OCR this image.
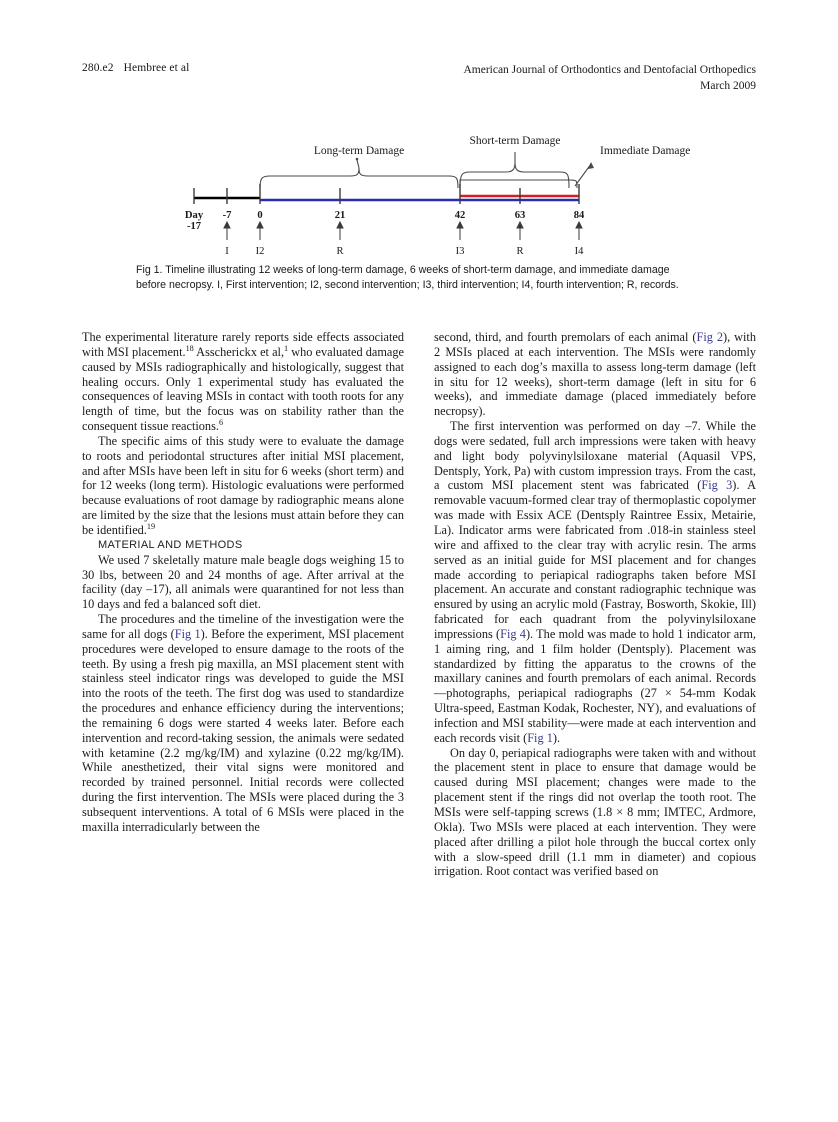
280.e2 Hembree et al	American Journal of Orthodontics and Dentofacial Orthopedics
March 2009
Long-term Damage
Short-term Damage
Immediate Damage
Day
-17
-7 0	21	42	63	84
I	I2	R	I3	R	I4
Fig 1. Timeline illustrating 12 weeks of long-term damage, 6 weeks of short-term damage, and immediate damage before necropsy. I, First intervention; I2, second intervention; I3, third intervention; I4, fourth intervention; R, records.

The experimental literature rarely reports side effects associated with MSI placement.$^{18}$ Asscherickx et al,$^1$ who evaluated damage caused by MSIs radiographically and histologically, suggest that healing occurs. Only 1 experimental study has evaluated the consequences of leaving MSIs in contact with tooth roots for any length of time, but the focus was on stability rather than the consequent tissue reactions.$^6$

The specific aims of this study were to evaluate the damage to roots and periodontal structures after initial MSI placement, and after MSIs have been left in situ for 6 weeks (short term) and for 12 weeks (long term). Histologic evaluations were performed because evaluations of root damage by radiographic means alone are limited by the size that the lesions must attain before they can be identified.$^{19}$

MATERIAL AND METHODS

We used 7 skeletally mature male beagle dogs weighing 15 to 30 lbs, between 20 and 24 months of age. After arrival at the facility (day –17), all animals were quarantined for not less than 10 days and fed a balanced soft diet.

The procedures and the timeline of the investigation were the same for all dogs (Fig 1). Before the experiment, MSI placement procedures were developed to ensure damage to the roots of the teeth. By using a fresh pig maxilla, an MSI placement stent with stainless steel indicator rings was developed to guide the MSI into the roots of the teeth. The first dog was used to standardize the procedures and enhance efficiency during the interventions; the remaining 6 dogs were started 4 weeks later. Before each intervention and record-taking session, the animals were sedated with ketamine (2.2 mg/kg/IM) and xylazine (0.22 mg/kg/IM). While anesthetized, their vital signs were monitored and recorded by trained personnel. Initial records were collected during the first intervention. The MSIs were placed during the 3 subsequent interventions. A total of 6 MSIs were placed in the maxilla interradicularly between the

second, third, and fourth premolars of each animal (Fig 2), with 2 MSIs placed at each intervention. The MSIs were randomly assigned to each dog’s maxilla to assess long-term damage (left in situ for 12 weeks), short-term damage (left in situ for 6 weeks), and immediate damage (placed immediately before necropsy).

The first intervention was performed on day –7. While the dogs were sedated, full arch impressions were taken with heavy and light body polyvinylsiloxane material (Aquasil VPS, Dentsply, York, Pa) with custom impression trays. From the cast, a custom MSI placement stent was fabricated (Fig 3). A removable vacuum-formed clear tray of thermoplastic copolymer was made with Essix ACE (Dentsply Raintree Essix, Metairie, La). Indicator arms were fabricated from .018-in stainless steel wire and affixed to the clear tray with acrylic resin. The arms served as an initial guide for MSI placement and for changes made according to periapical radiographs taken before MSI placement. An accurate and constant radiographic technique was ensured by using an acrylic mold (Fastray, Bosworth, Skokie, Ill) fabricated for each quadrant from the polyvinylsiloxane impressions (Fig 4). The mold was made to hold 1 indicator arm, 1 aiming ring, and 1 film holder (Dentsply). Placement was standardized by fitting the apparatus to the crowns of the maxillary canines and fourth premolars of each animal. Records—photographs, periapical radiographs (27 × 54-mm Kodak Ultra-speed, Eastman Kodak, Rochester, NY), and evaluations of infection and MSI stability—were made at each intervention and each records visit (Fig 1).

On day 0, periapical radiographs were taken with and without the placement stent in place to ensure that damage would be caused during MSI placement; changes were made to the placement stent if the rings did not overlap the tooth root. The MSIs were self-tapping screws (1.8 × 8 mm; IMTEC, Ardmore, Okla). Two MSIs were placed at each intervention. They were placed after drilling a pilot hole through the buccal cortex only with a slow-speed drill (1.1 mm in diameter) and copious irrigation. Root contact was verified based on
